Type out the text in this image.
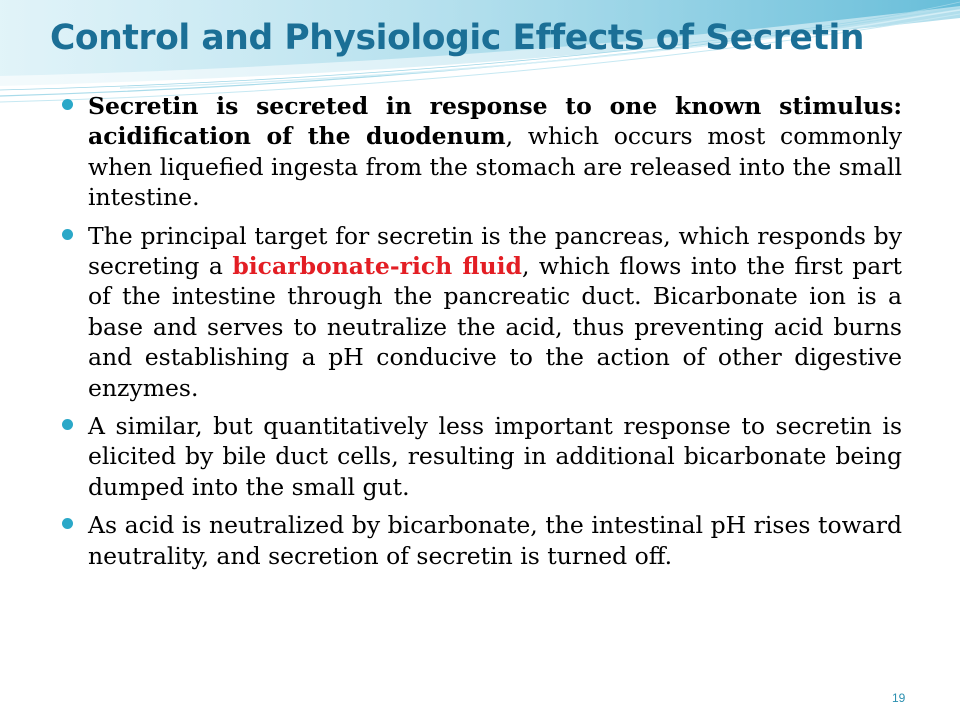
Control and Physiologic Effects of Secretin
Secretin is secreted in response to one known stimulus: acidification of the duodenum, which occurs most commonly when liquefied ingesta from the stomach are released into the small intestine.
The principal target for secretin is the pancreas, which responds by secreting a bicarbonate-rich fluid, which flows into the first part of the intestine through the pancreatic duct. Bicarbonate ion is a base and serves to neutralize the acid, thus preventing acid burns and establishing a pH conducive to the action of other digestive enzymes.
A similar, but quantitatively less important response to secretin is elicited by bile duct cells, resulting in additional bicarbonate being dumped into the small gut.
As acid is neutralized by bicarbonate, the intestinal pH rises toward neutrality, and secretion of secretin is turned off.
19
